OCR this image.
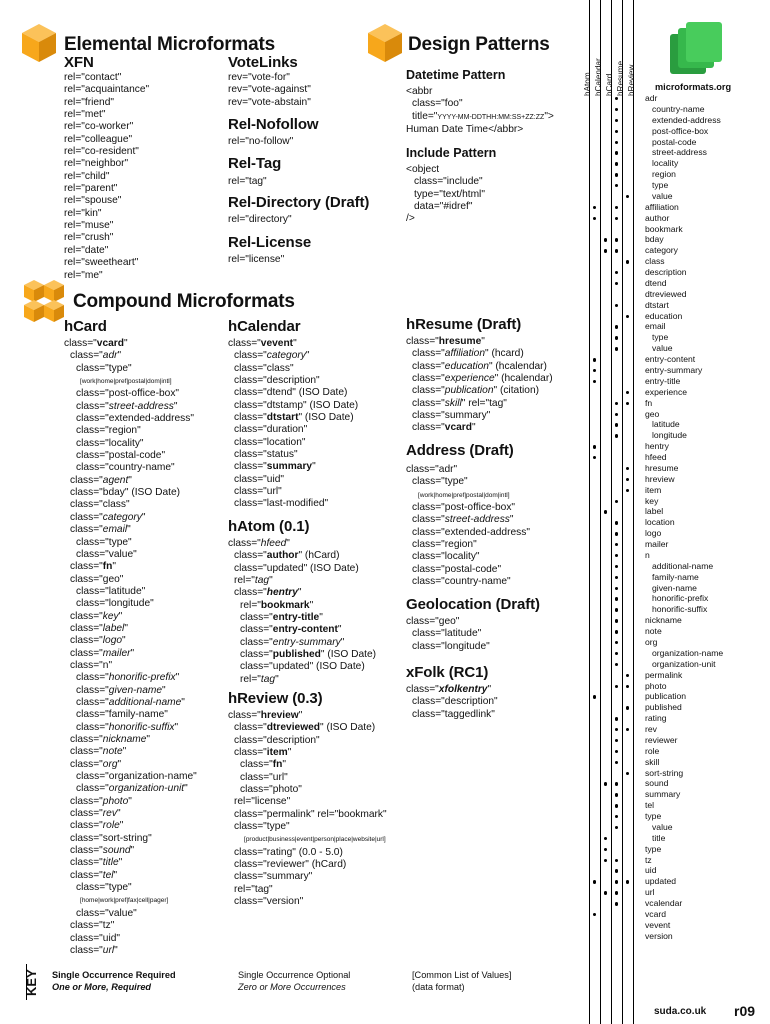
Elemental Microformats	Design Patterns
Compound Microformats
XFN
rel="contact"
rel="acquaintance"
rel="friend"
rel="met"
rel="co-worker"
rel="colleague"
rel="co-resident"
rel="neighbor"
rel="child"
rel="parent"
rel="spouse"
rel="kin"
rel="muse"
rel="crush"
rel="date"
rel="sweetheart"
rel="me"
VoteLinks
rev="vote-for"
rev="vote-against"
rev="vote-abstain"
Rel-Nofollow
rel="no-follow"
Rel-Tag
rel="tag"
Rel-Directory (Draft)
rel="directory"
Rel-License
rel="license"
Datetime Pattern
<abbr
class="foo"
title="YYYY-MM-DDTHH:MM:SS+ZZ:ZZ">
Human Date Time</abbr>
Include Pattern
<object
class="include"
type="text/html"
data="#idref"
/>
hCard
class="vcard"
class="adr"
class="type"
[work|home|pref|postal|dom|intl]
class="post-office-box"
class="street-address"
class="extended-address"
class="region"
class="locality"
class="postal-code"
class="country-name"
class="agent"
class="bday" (ISO Date)
class="class"
class="category"
class="email"
class="type"
class="value"
class="fn"
class="geo"
class="latitude"
class="longitude"
class="key"
class="label"
class="logo"
class="mailer"
class="n"
class="honorific-prefix"
class="given-name"
class="additional-name"
class="family-name"
class="honorific-suffix"
class="nickname"
class="note"
class="org"
class="organization-name"
class="organization-unit"
class="photo"
class="rev"
class="role"
class="sort-string"
class="sound"
class="title"
class="tel"
class="type"
[home|work|pref|fax|cell|pager]
class="value"
class="tz"
class="uid"
class="url"
hCalendar
class="vevent"
class="category"
class="class"
class="description"
class="dtend" (ISO Date)
class="dtstamp" (ISO Date)
class="dtstart" (ISO Date)
class="duration"
class="location"
class="status"
class="summary"
class="uid"
class="url"
class="last-modified"
hAtom (0.1)
class="hfeed"
class="author" (hCard)
class="updated" (ISO Date)
rel="tag"
class="hentry"
rel="bookmark"
class="entry-title"
class="entry-content"
class="entry-summary"
class="published" (ISO Date)
class="updated" (ISO Date)
rel="tag"
hReview (0.3)
class="hreview"
class="dtreviewed" (ISO Date)
class="description"
class="item"
class="fn"
class="url"
class="photo"
rel="license"
class="permalink" rel="bookmark"
class="type"
[product|business|event|person|place|website|url]
class="rating" (0.0 - 5.0)
class="reviewer" (hCard)
class="summary"
rel="tag"
class="version"
hResume (Draft)
class="hresume"
class="affiliation" (hcard)
class="education" (hcalendar)
class="experience" (hcalendar)
class="publication" (citation)
class="skill" rel="tag"
class="summary"
class="vcard"
Address (Draft)
class="adr"
class="type"
[work|home|pref|postal|dom|intl]
class="post-office-box"
class="street-address"
class="extended-address"
class="region"
class="locality"
class="postal-code"
class="country-name"
Geolocation (Draft)
class="geo"
class="latitude"
class="longitude"
xFolk (RC1)
class="xfolkentry"
class="description"
class="taggedlink"
hAtom hCalendar hCard hResume hReview microformats.org
adr
country-name
extended-address
post-office-box
postal-code
street-address
locality
region
type
value
affiliation
author
bookmark
bday
category
class
description
dtend
dtreviewed
dtstart
education
email
type
value
entry-content
entry-summary
entry-title
experience
fn
geo
latitude
longitude
hentry
hfeed
hresume
hreview
item
key
label
location
logo
mailer
n
additional-name
family-name
given-name
honorific-prefix
honorific-suffix
nickname
note
org
organization-name
organization-unit
permalink
photo
publication
published
rating
rev
reviewer
role
skill
sort-string
sound
summary
tel
type
value
title
type
tz
uid
updated
url
vcalendar
vcard
vevent
version
KEY Single Occurrence Required
One or More, Required
Single Occurrence Optional
Zero or More Occurrences
[Common List of Values]
(data format)
suda.co.uk r09
